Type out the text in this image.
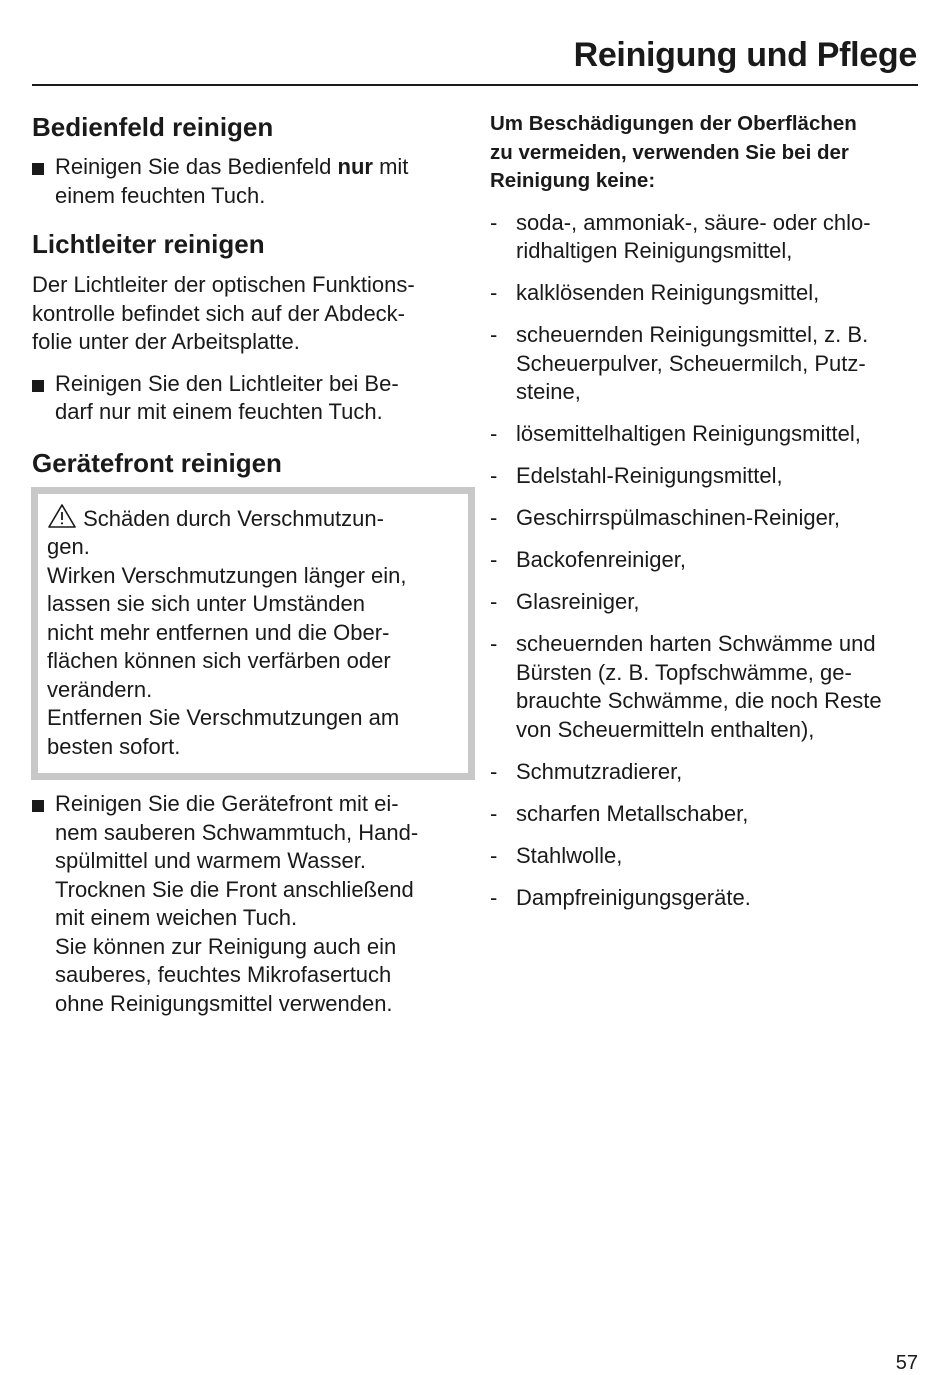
Reinigung und Pflege
Bedienfeld reinigen
Reinigen Sie das Bedienfeld nur mit
einem feuchten Tuch.
Lichtleiter reinigen
Der Lichtleiter der optischen Funktions-
kontrolle befindet sich auf der Abdeck-
folie unter der Arbeitsplatte.
Reinigen Sie den Lichtleiter bei Be-
darf nur mit einem feuchten Tuch.
Gerätefront reinigen
Schäden durch Verschmutzun-
gen.
Wirken Verschmutzungen länger ein,
lassen sie sich unter Umständen
nicht mehr entfernen und die Ober-
flächen können sich verfärben oder
verändern.
Entfernen Sie Verschmutzungen am
besten sofort.
Reinigen Sie die Gerätefront mit ei-
nem sauberen Schwammtuch, Hand-
spülmittel und warmem Wasser.
Trocknen Sie die Front anschließend
mit einem weichen Tuch.
Sie können zur Reinigung auch ein
sauberes, feuchtes Mikrofasertuch
ohne Reinigungsmittel verwenden.
Um Beschädigungen der Oberflächen
zu vermeiden, verwenden Sie bei der
Reinigung keine:
- soda-, ammoniak-, säure- oder chlo-
ridhaltigen Reinigungsmittel,
- kalklösenden Reinigungsmittel,
- scheuernden Reinigungsmittel, z. B.
Scheuerpulver, Scheuermilch, Putz-
steine,
- lösemittelhaltigen Reinigungsmittel,
- Edelstahl-Reinigungsmittel,
- Geschirrspülmaschinen-Reiniger,
- Backofenreiniger,
- Glasreiniger,
- scheuernden harten Schwämme und
Bürsten (z. B. Topfschwämme, ge-
brauchte Schwämme, die noch Reste
von Scheuermitteln enthalten),
- Schmutzradierer,
- scharfen Metallschaber,
- Stahlwolle,
- Dampfreinigungsgeräte.
57
